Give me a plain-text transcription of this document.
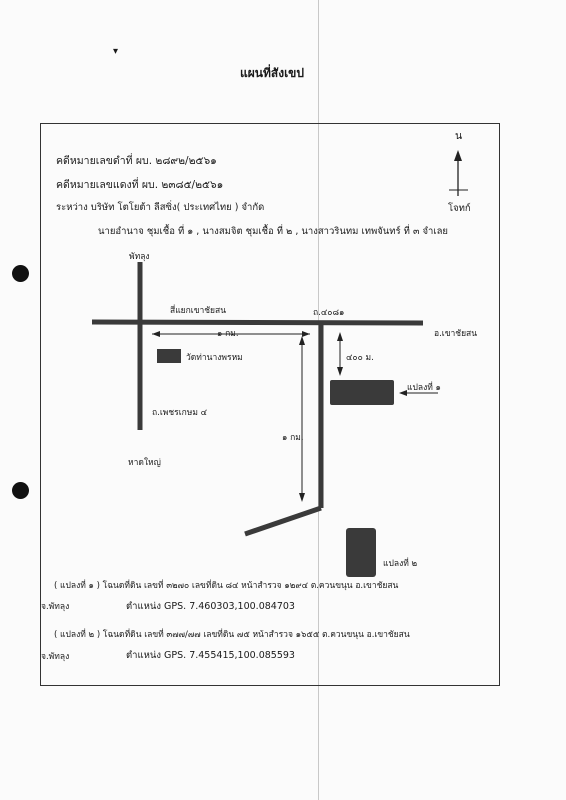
▾
แผนที่สังเขป
คดีหมายเลขดำที่ ผบ. ๒๘๙๒/๒๕๖๑
คดีหมายเลขแดงที่ ผบ. ๒๓๘๕/๒๕๖๑
ระหว่าง บริษัท โตโยต้า ลีสซิ่ง( ประเทศไทย ) จำกัด	โจทก์
นายอำนาจ ชุมเชื้อ ที่ ๑ , นางสมจิต ชุมเชื้อ ที่ ๒ , นางสาวรินทม เทพจันทร์ ที่ ๓ จำเลย
น
พัทลุง
สี่แยกเขาชัยสน	ถ.๔๐๘๑
อ.เขาชัยสน
๑ กม.
๔๐๐ ม.
วัดท่านางพรหม
แปลงที่ ๑
ถ.เพชรเกษม ๔
๑ กม.
หาดใหญ่
แปลงที่ ๒
( แปลงที่ ๑ ) โฉนดที่ดิน เลขที่ ๓๒๗๐ เลขที่ดิน ๘๔ หน้าสำรวจ ๑๒๙๔ ต.ควนขนุน อ.เขาชัยสน
จ.พัทลุง	ตำแหน่ง GPS. 7.460303,100.084703
( แปลงที่ ๒ ) โฉนดที่ดิน เลขที่ ๓๗๗/๗๗ เลขที่ดิน ๗๕ หน้าสำรวจ ๑๖๕๕ ต.ควนขนุน อ.เขาชัยสน
จ.พัทลุง	ตำแหน่ง GPS. 7.455415,100.085593
